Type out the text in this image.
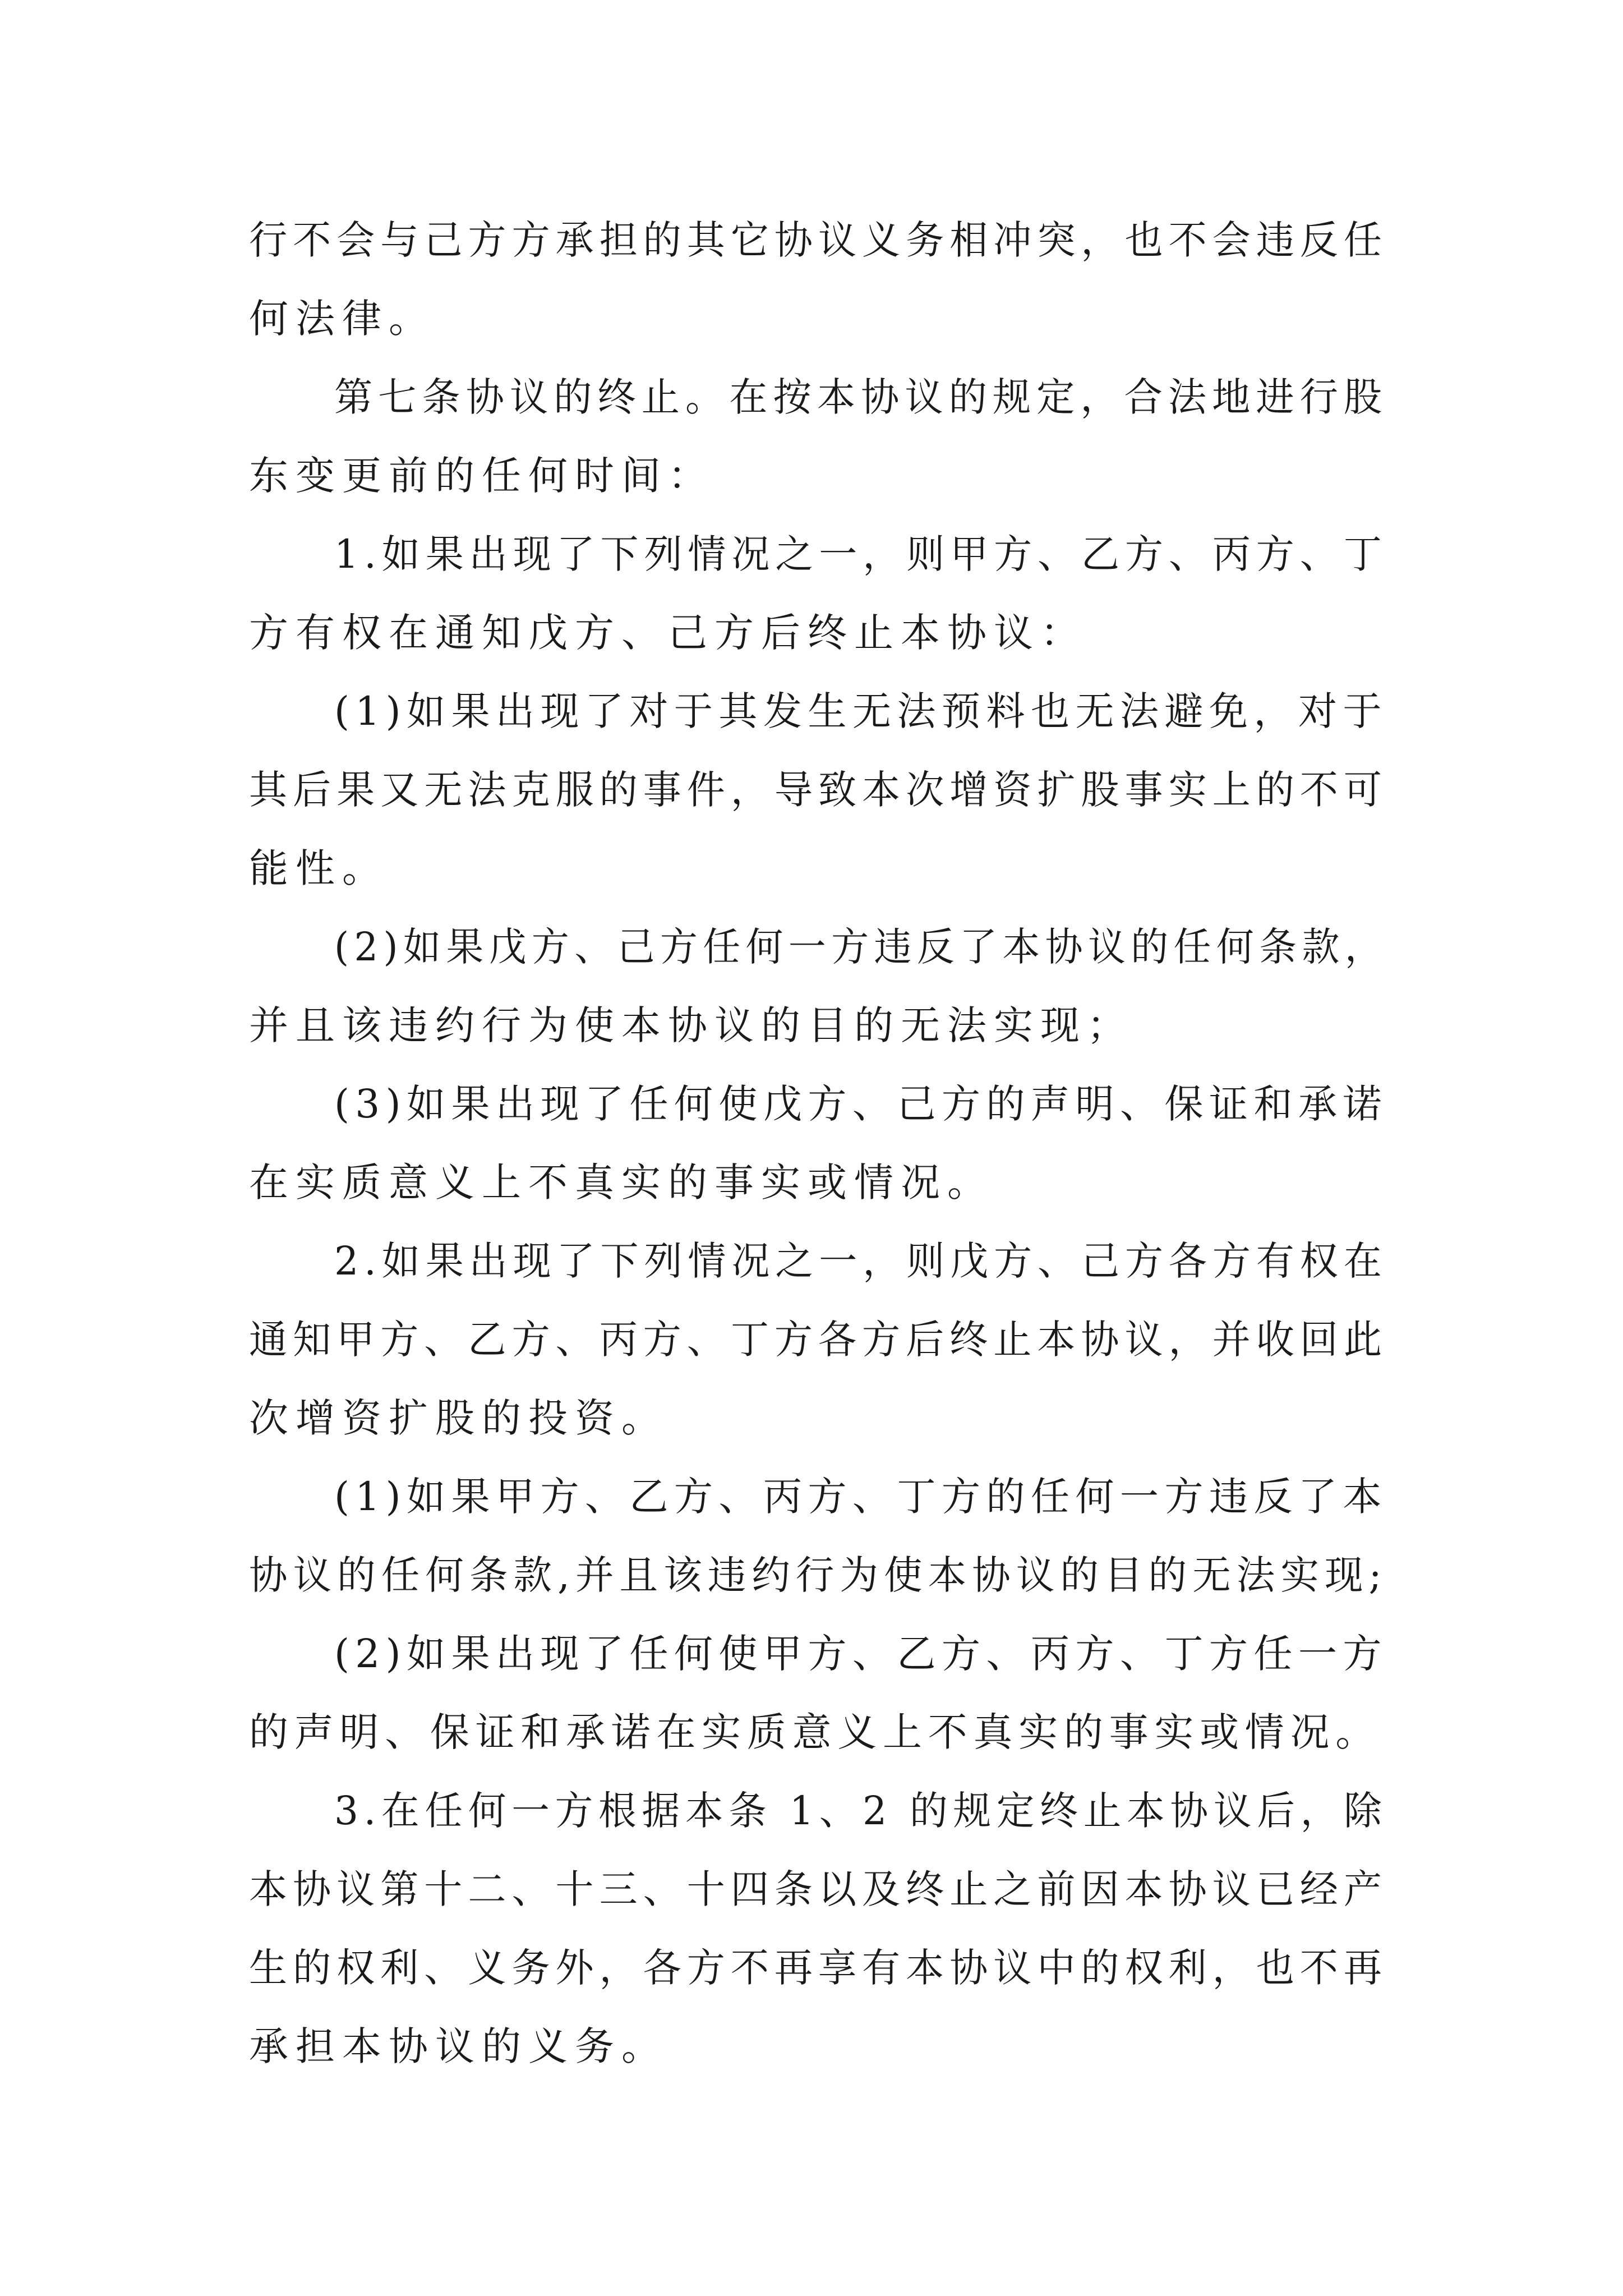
行不会与己方方承担的其它协议义务相冲突，也不会违反任

何法律。

第七条协议的终止。在按本协议的规定，合法地进行股

东变更前的任何时间：

1.如果出现了下列情况之一，则甲方、乙方、丙方、丁

方有权在通知戊方、己方后终止本协议：

(1)如果出现了对于其发生无法预料也无法避免，对于

其后果又无法克服的事件，导致本次增资扩股事实上的不可

能性。

(2)如果戊方、己方任何一方违反了本协议的任何条款，

并且该违约行为使本协议的目的无法实现；

(3)如果出现了任何使戊方、己方的声明、保证和承诺

在实质意义上不真实的事实或情况。

2.如果出现了下列情况之一，则戊方、己方各方有权在

通知甲方、乙方、丙方、丁方各方后终止本协议，并收回此

次增资扩股的投资。

(1)如果甲方、乙方、丙方、丁方的任何一方违反了本

协议的任何条款,并且该违约行为使本协议的目的无法实现;

(2)如果出现了任何使甲方、乙方、丙方、丁方任一方

的声明、保证和承诺在实质意义上不真实的事实或情况。

3.在任何一方根据本条 1、2 的规定终止本协议后，除

本协议第十二、十三、十四条以及终止之前因本协议已经产

生的权利、义务外，各方不再享有本协议中的权利，也不再

承担本协议的义务。
